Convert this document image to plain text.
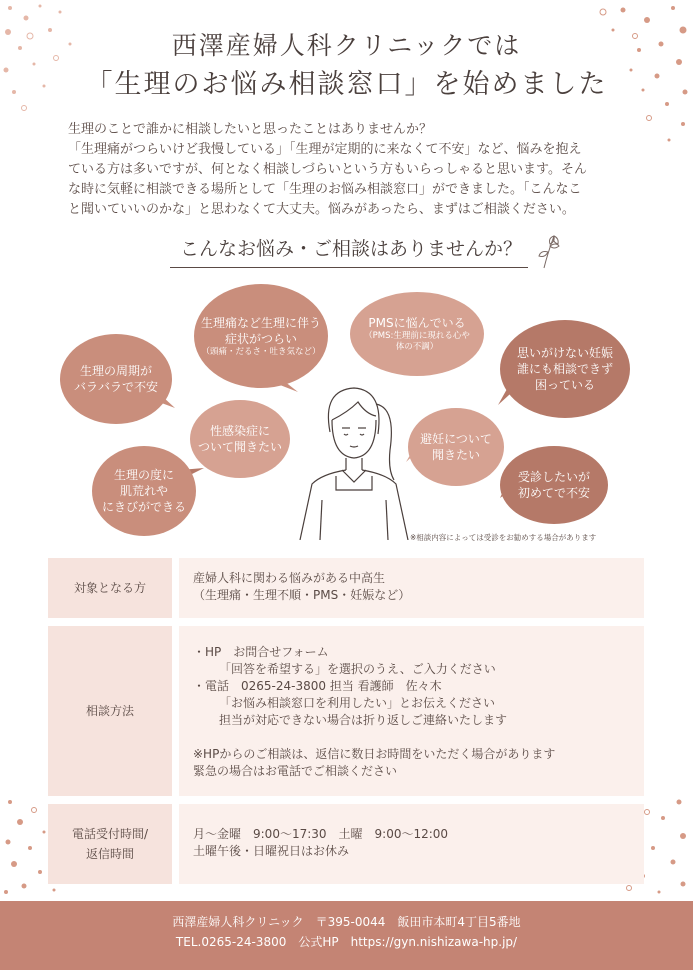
西澤産婦人科クリニックでは
「生理のお悩み相談窓口」を始めました

生理のことで誰かに相談したいと思ったことはありませんか？

「生理痛がつらいけど我慢している」「生理が定期的に来なくて不安」など、悩みを抱え

ている方は多いですが、何となく相談しづらいという方もいらっしゃると思います。そん

な時に気軽に相談できる場所として「生理のお悩み相談窓口」ができました。「こんなこ

と聞いていいのかな」と思わなくて大丈夫。悩みがあったら、まずはご相談ください。

こんなお悩み・ご相談はありませんか？
生理の周期が
バラバラで不安
生理痛など生理に伴う
症状がつらい
（頭痛・だるさ・吐き気など）
PMSに悩んでいる
（PMS:生理前に現れる心や体の不調）	思いがけない妊娠
誰にも相談できず
困っている
性感染症に
ついて聞きたい
避妊について
聞きたい
生理の度に
肌荒れや
にきびができる
受診したいが
初めてで不安
※相談内容によっては受診をお勧めする場合があります
対象となる方

産婦人科に関わる悩みがある中高生

（生理痛・生理不順・PMS・妊娠など）

相談方法

・HP　お問合せフォーム

「回答を希望する」を選択のうえ、ご入力ください

・電話　0265-24-3800 担当 看護師　佐々木

「お悩み相談窓口を利用したい」とお伝えください

担当が対応できない場合は折り返しご連絡いたします

※HPからのご相談は、返信に数日お時間をいただく場合があります

緊急の場合はお電話でご相談ください

電話受付時間/
返信時間

月～金曜　9:00～17:30　土曜　9:00～12:00

土曜午後・日曜祝日はお休み

西澤産婦人科クリニック　〒395-0044　飯田市本町4丁目5番地
TEL.0265-24-3800　公式HP　https://gyn.nishizawa-hp.jp/
